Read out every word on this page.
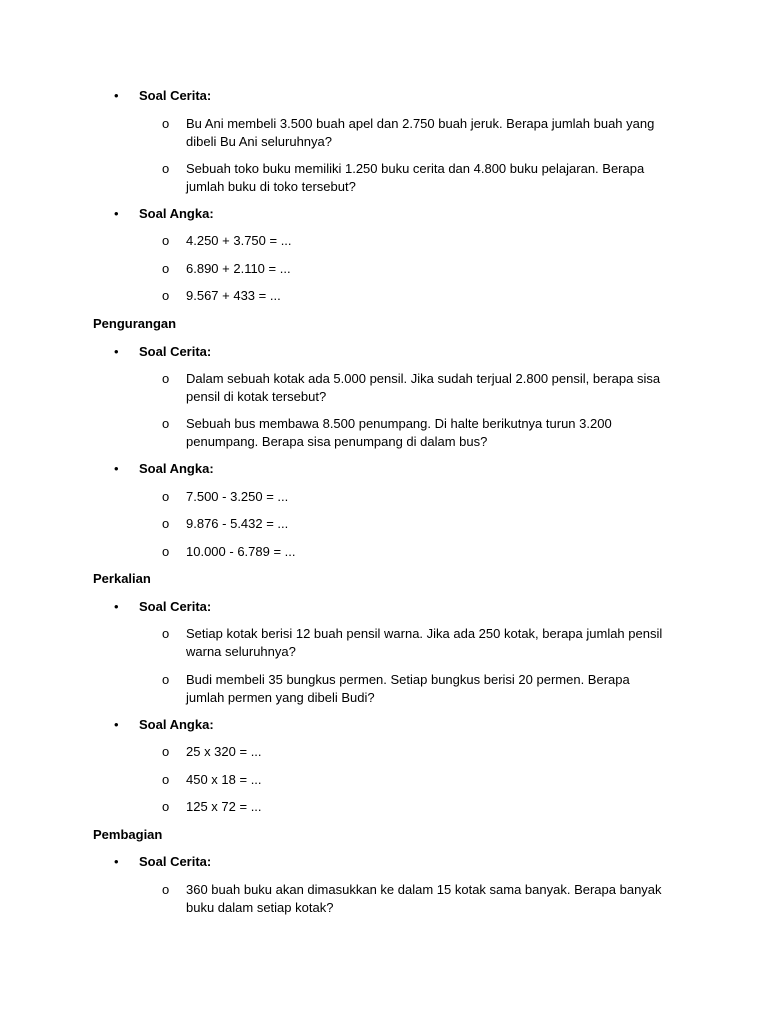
• Soal Cerita:
o Bu Ani membeli 3.500 buah apel dan 2.750 buah jeruk. Berapa jumlah buah yang dibeli Bu Ani seluruhnya?
o Sebuah toko buku memiliki 1.250 buku cerita dan 4.800 buku pelajaran. Berapa jumlah buku di toko tersebut?
• Soal Angka:
o 4.250 + 3.750 = ...
o 6.890 + 2.110 = ...
o 9.567 + 433 = ...
Pengurangan
• Soal Cerita:
o Dalam sebuah kotak ada 5.000 pensil. Jika sudah terjual 2.800 pensil, berapa sisa pensil di kotak tersebut?
o Sebuah bus membawa 8.500 penumpang. Di halte berikutnya turun 3.200 penumpang. Berapa sisa penumpang di dalam bus?
• Soal Angka:
o 7.500 - 3.250 = ...
o 9.876 - 5.432 = ...
o 10.000 - 6.789 = ...
Perkalian
• Soal Cerita:
o Setiap kotak berisi 12 buah pensil warna. Jika ada 250 kotak, berapa jumlah pensil warna seluruhnya?
o Budi membeli 35 bungkus permen. Setiap bungkus berisi 20 permen. Berapa jumlah permen yang dibeli Budi?
• Soal Angka:
o 25 x 320 = ...
o 450 x 18 = ...
o 125 x 72 = ...
Pembagian
• Soal Cerita:
o 360 buah buku akan dimasukkan ke dalam 15 kotak sama banyak. Berapa banyak buku dalam setiap kotak?
